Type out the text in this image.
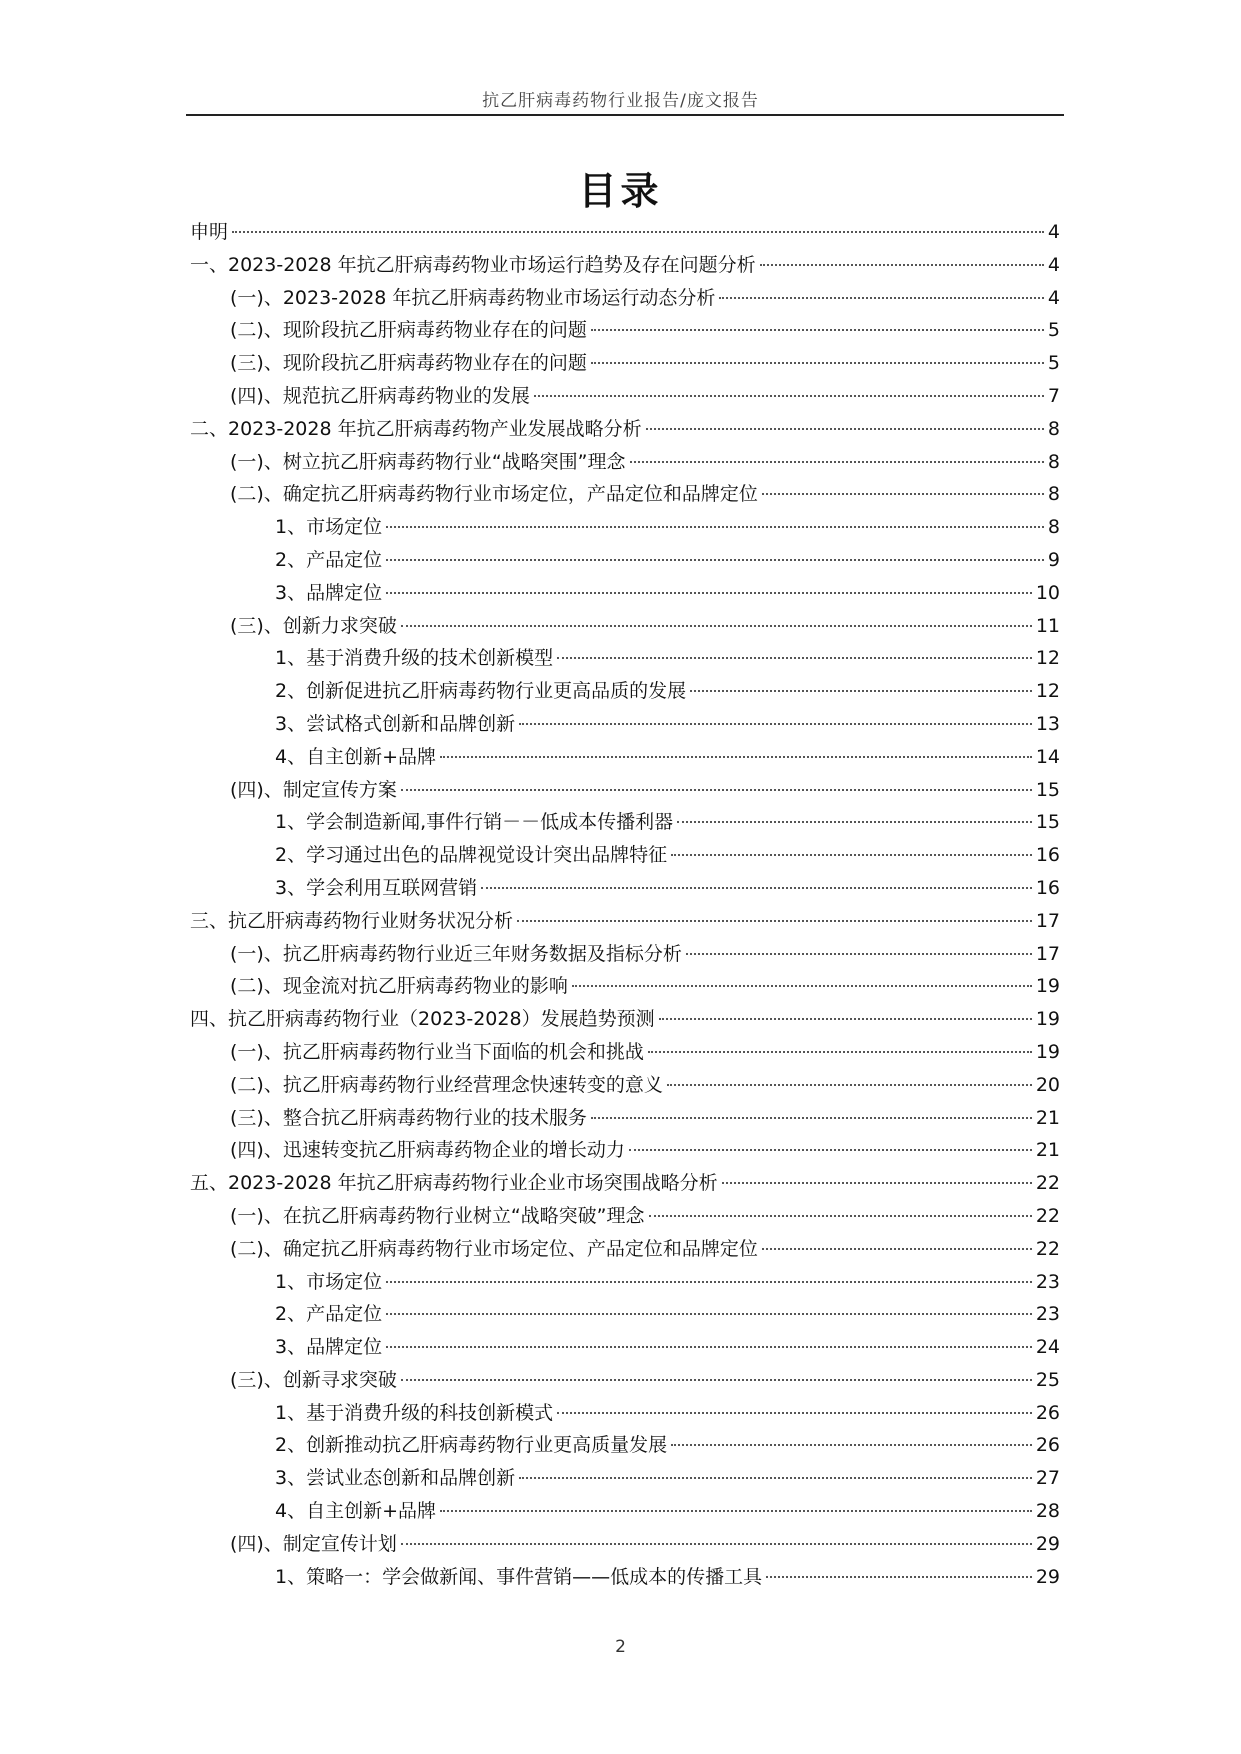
抗乙肝病毒药物行业报告/庞文报告
目录
申明	4
一、2023-2028 年抗乙肝病毒药物业市场运行趋势及存在问题分析	4
(一)、2023-2028 年抗乙肝病毒药物业市场运行动态分析	4
(二)、现阶段抗乙肝病毒药物业存在的问题	5
(三)、现阶段抗乙肝病毒药物业存在的问题	5
(四)、规范抗乙肝病毒药物业的发展	7
二、2023-2028 年抗乙肝病毒药物产业发展战略分析	8
(一)、树立抗乙肝病毒药物行业“战略突围”理念	8
(二)、确定抗乙肝病毒药物行业市场定位，产品定位和品牌定位	8
1、市场定位	8
2、产品定位	9
3、品牌定位	10
(三)、创新力求突破	11
1、基于消费升级的技术创新模型	12
2、创新促进抗乙肝病毒药物行业更高品质的发展	12
3、尝试格式创新和品牌创新	13
4、自主创新+品牌	14
(四)、制定宣传方案	15
1、学会制造新闻,事件行销－－低成本传播利器	15
2、学习通过出色的品牌视觉设计突出品牌特征	16
3、学会利用互联网营销	16
三、抗乙肝病毒药物行业财务状况分析	17
(一)、抗乙肝病毒药物行业近三年财务数据及指标分析	17
(二)、现金流对抗乙肝病毒药物业的影响	19
四、抗乙肝病毒药物行业（2023-2028）发展趋势预测	19
(一)、抗乙肝病毒药物行业当下面临的机会和挑战	19
(二)、抗乙肝病毒药物行业经营理念快速转变的意义	20
(三)、整合抗乙肝病毒药物行业的技术服务	21
(四)、迅速转变抗乙肝病毒药物企业的增长动力	21
五、2023-2028 年抗乙肝病毒药物行业企业市场突围战略分析	22
(一)、在抗乙肝病毒药物行业树立“战略突破”理念	22
(二)、确定抗乙肝病毒药物行业市场定位、产品定位和品牌定位	22
1、市场定位	23
2、产品定位	23
3、品牌定位	24
(三)、创新寻求突破	25
1、基于消费升级的科技创新模式	26
2、创新推动抗乙肝病毒药物行业更高质量发展	26
3、尝试业态创新和品牌创新	27
4、自主创新+品牌	28
(四)、制定宣传计划	29
1、策略一：学会做新闻、事件营销——低成本的传播工具	29
2
